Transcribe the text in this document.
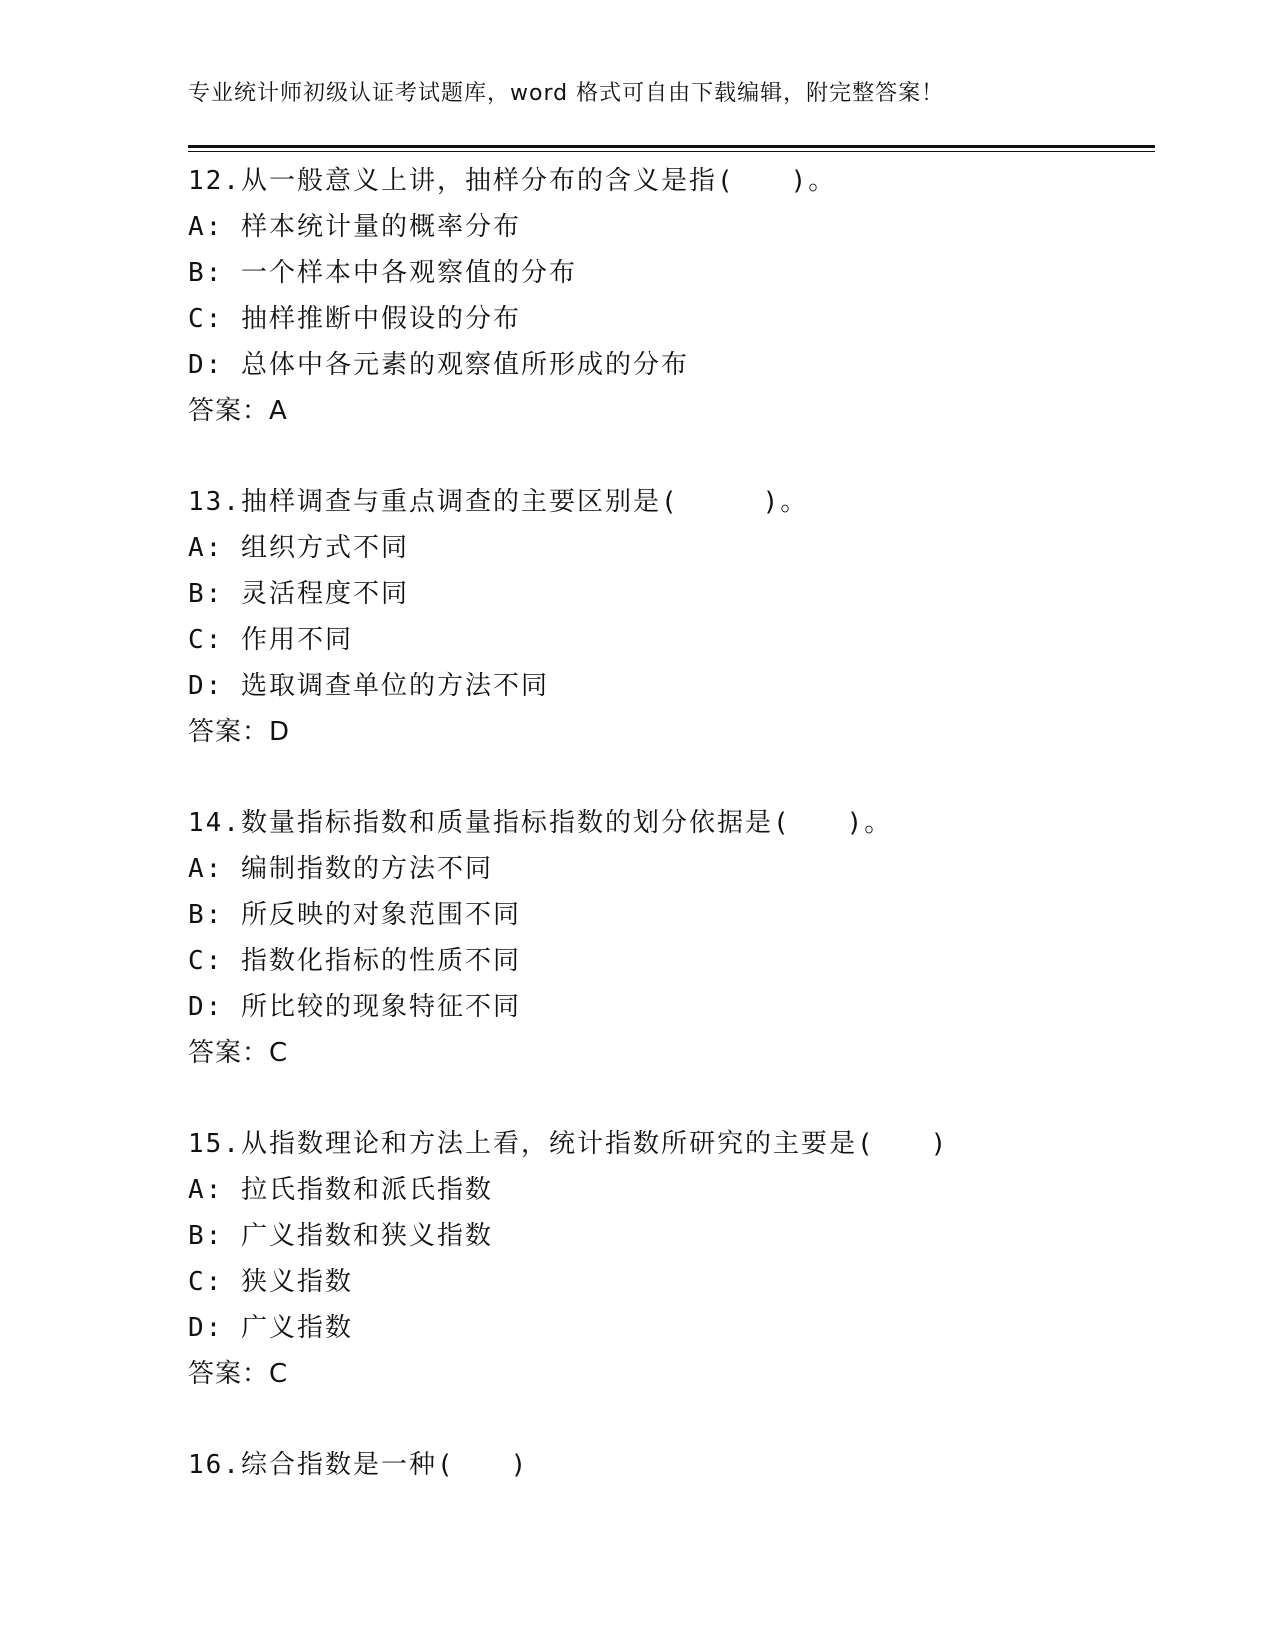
专业统计师初级认证考试题库，word 格式可自由下载编辑，附完整答案！
12.从一般意义上讲，抽样分布的含义是指(　　)。
A: 样本统计量的概率分布
B: 一个样本中各观察值的分布
C: 抽样推断中假设的分布
D: 总体中各元素的观察值所形成的分布
答案：A
13.抽样调查与重点调查的主要区别是(　　　)。
A: 组织方式不同
B: 灵活程度不同
C: 作用不同
D: 选取调查单位的方法不同
答案：D
14.数量指标指数和质量指标指数的划分依据是(　　)。
A: 编制指数的方法不同
B: 所反映的对象范围不同
C: 指数化指标的性质不同
D: 所比较的现象特征不同
答案：C
15.从指数理论和方法上看，统计指数所研究的主要是(　　)
A: 拉氏指数和派氏指数
B: 广义指数和狭义指数
C: 狭义指数
D: 广义指数
答案：C
16.综合指数是一种(　　)
